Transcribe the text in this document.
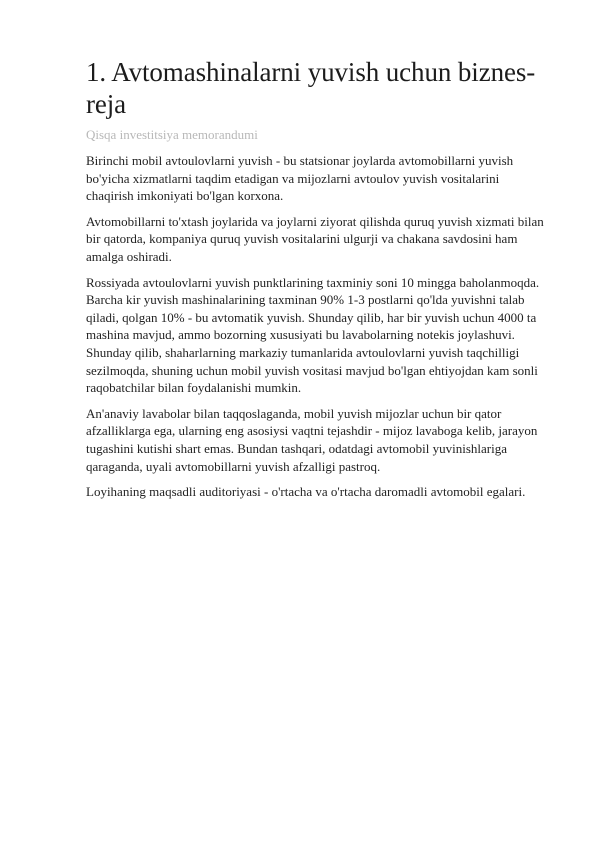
1. Avtomashinalarni yuvish uchun biznes-reja
Qisqa investitsiya memorandumi

Birinchi mobil avtoulovlarni yuvish - bu statsionar joylarda avtomobillarni yuvish bo'yicha xizmatlarni taqdim etadigan va mijozlarni avtoulov yuvish vositalarini chaqirish imkoniyati bo'lgan korxona.

Avtomobillarni to'xtash joylarida va joylarni ziyorat qilishda quruq yuvish xizmati bilan bir qatorda, kompaniya quruq yuvish vositalarini ulgurji va chakana savdosini ham amalga oshiradi.

Rossiyada avtoulovlarni yuvish punktlarining taxminiy soni 10 mingga baholanmoqda. Barcha kir yuvish mashinalarining taxminan 90% 1-3 postlarni qo'lda yuvishni talab qiladi, qolgan 10% - bu avtomatik yuvish. Shunday qilib, har bir yuvish uchun 4000 ta mashina mavjud, ammo bozorning xususiyati bu lavabolarning notekis joylashuvi. Shunday qilib, shaharlarning markaziy tumanlarida avtoulovlarni yuvish taqchilligi sezilmoqda, shuning uchun mobil yuvish vositasi mavjud bo'lgan ehtiyojdan kam sonli raqobatchilar bilan foydalanishi mumkin.

An'anaviy lavabolar bilan taqqoslaganda, mobil yuvish mijozlar uchun bir qator afzalliklarga ega, ularning eng asosiysi vaqtni tejashdir - mijoz lavaboga kelib, jarayon tugashini kutishi shart emas. Bundan tashqari, odatdagi avtomobil yuvinishlariga qaraganda, uyali avtomobillarni yuvish afzalligi pastroq.

Loyihaning maqsadli auditoriyasi - o'rtacha va o'rtacha daromadli avtomobil egalari.
